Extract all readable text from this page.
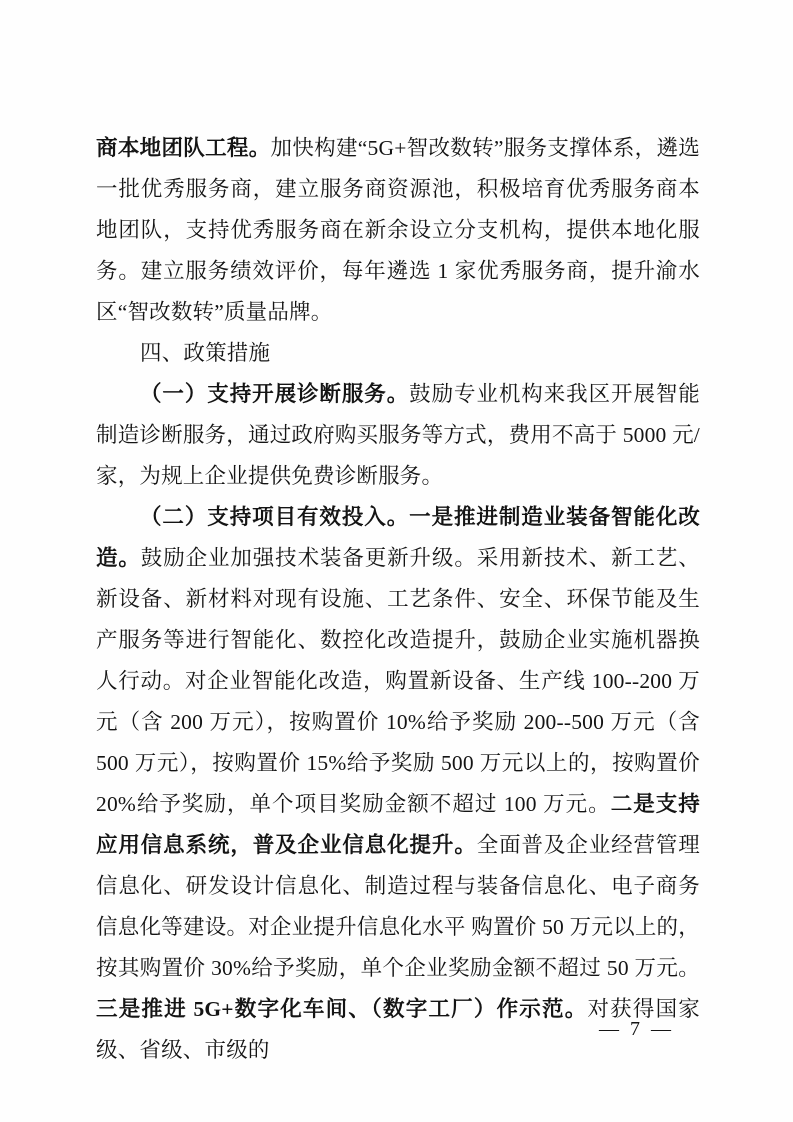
商本地团队工程。加快构建“5G+智改数转”服务支撑体系，遴选一批优秀服务商，建立服务商资源池，积极培育优秀服务商本地团队，支持优秀服务商在新余设立分支机构，提供本地化服务。建立服务绩效评价，每年遴选 1 家优秀服务商，提升渝水区“智改数转”质量品牌。

四、政策措施

（一）支持开展诊断服务。鼓励专业机构来我区开展智能制造诊断服务，通过政府购买服务等方式，费用不高于 5000 元/家，为规上企业提供免费诊断服务。

（二）支持项目有效投入。一是推进制造业装备智能化改造。鼓励企业加强技术装备更新升级。采用新技术、新工艺、新设备、新材料对现有设施、工艺条件、安全、环保节能及生产服务等进行智能化、数控化改造提升，鼓励企业实施机器换人行动。对企业智能化改造，购置新设备、生产线 100--200 万元（含 200 万元），按购置价 10%给予奖励 200--500 万元（含 500 万元），按购置价 15%给予奖励 500 万元以上的，按购置价 20%给予奖励，单个项目奖励金额不超过 100 万元。二是支持应用信息系统，普及企业信息化提升。全面普及企业经营管理信息化、研发设计信息化、制造过程与装备信息化、电子商务信息化等建设。对企业提升信息化水平 购置价 50 万元以上的，按其购置价 30%给予奖励，单个企业奖励金额不超过 50 万元。三是推进 5G+数字化车间、（数字工厂）作示范。对获得国家级、省级、市级的

— 7 —
